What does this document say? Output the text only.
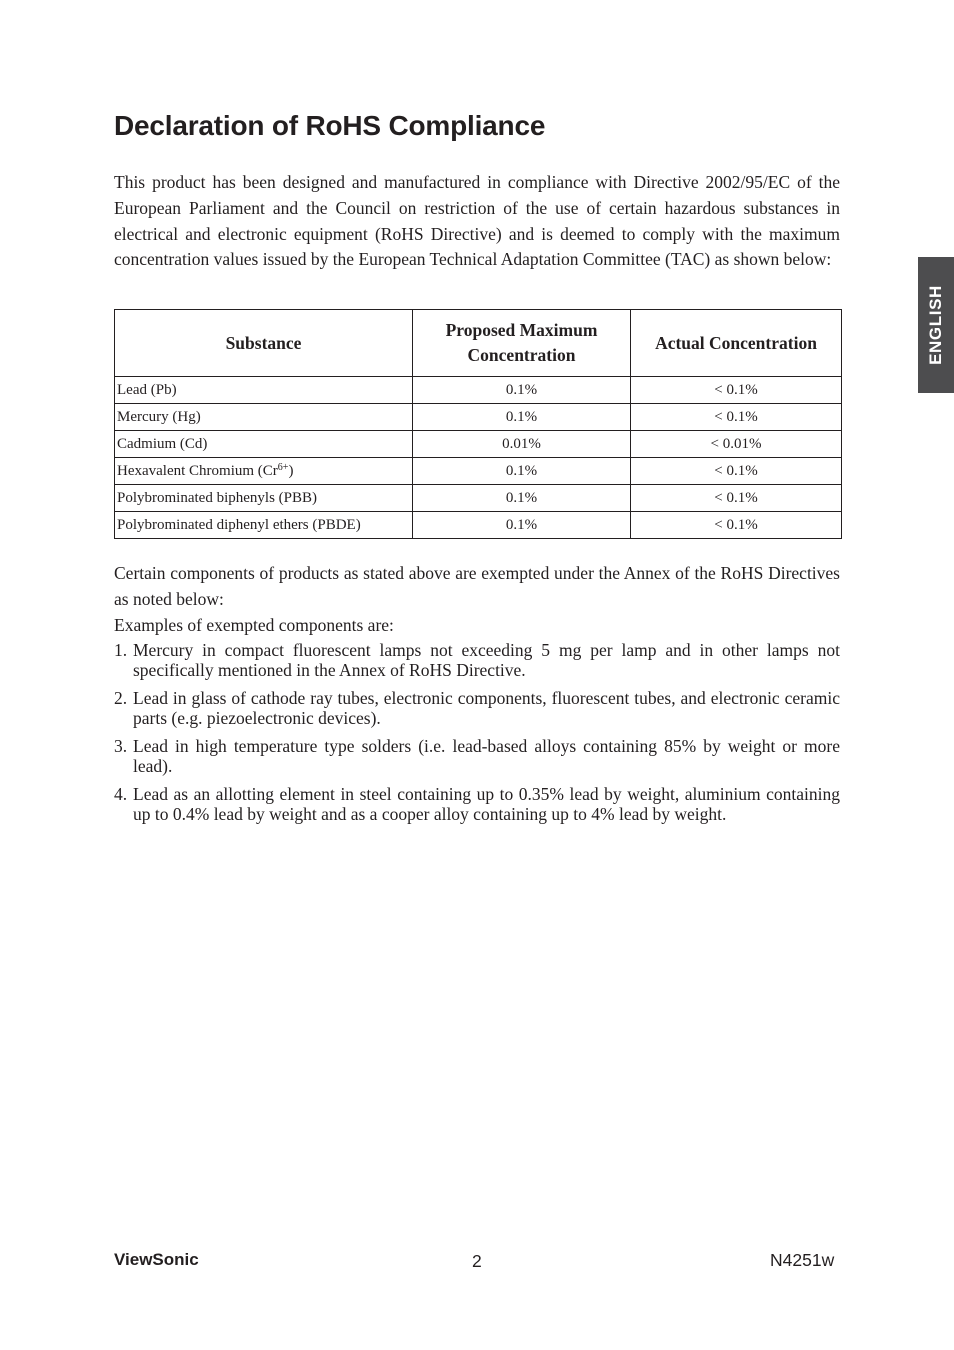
Declaration of RoHS Compliance

This product has been designed and manufactured in compliance with Directive 2002/95/EC of the European Parliament and the Council on restriction of the use of certain hazardous substances in electrical and electronic equipment (RoHS Directive) and is deemed to comply with the maximum concentration values issued by the European Technical Adaptation Committee (TAC) as shown below:

Substance	Proposed Maximum Concentration	Actual Concentration
Lead (Pb)	0.1%	< 0.1%
Mercury (Hg)	0.1%	< 0.1%
Cadmium (Cd)	0.01%	< 0.01%
Hexavalent Chromium $(Cr^{6+})$	0.1%	< 0.1%
Polybrominated biphenyls (PBB)	0.1%	< 0.1%
Polybrominated diphenyl ethers (PBDE)	0.1%	< 0.1%

Certain components of products as stated above are exempted under the Annex of the RoHS Directives as noted below:

Examples of exempted components are:

1. Mercury in compact fluorescent lamps not exceeding 5 mg per lamp and in other lamps not specifically mentioned in the Annex of RoHS Directive.
2. Lead in glass of cathode ray tubes, electronic components, fluorescent tubes, and electronic ceramic parts (e.g. piezoelectronic devices).
3. Lead in high temperature type solders (i.e. lead-based alloys containing 85% by weight or more lead).
4. Lead as an allotting element in steel containing up to 0.35% lead by weight, aluminium containing up to 0.4% lead by weight and as a cooper alloy containing up to 4% lead by weight.
ENGLISH
ViewSonic	2	N4251w
